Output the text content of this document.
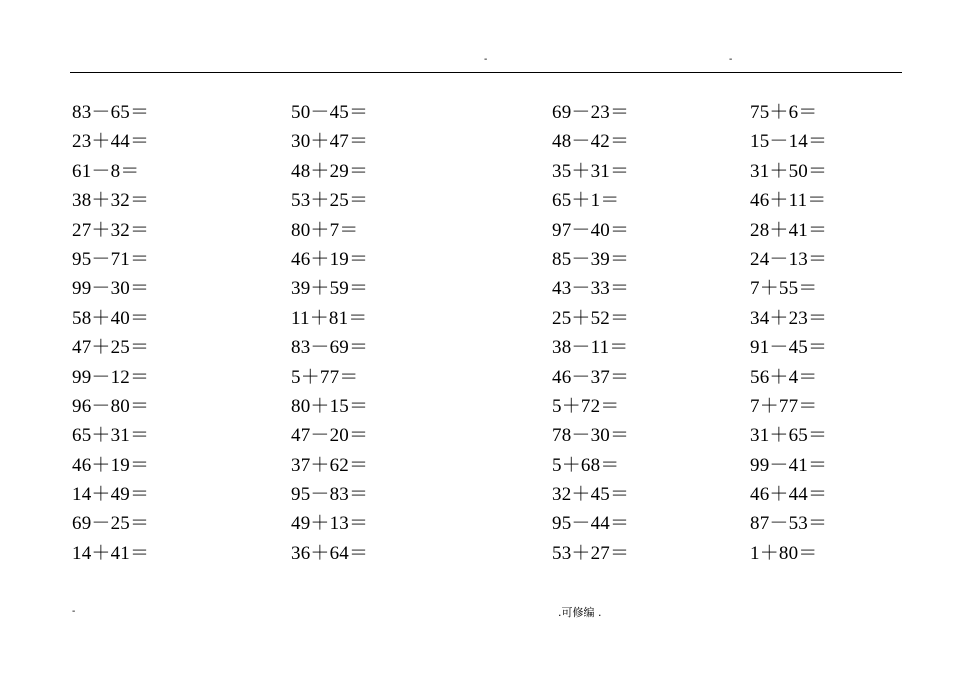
-	-
83－65＝
23＋44＝
61－8＝
38＋32＝
27＋32＝
95－71＝
99－30＝
58＋40＝
47＋25＝
99－12＝
96－80＝
65＋31＝
46＋19＝
14＋49＝
69－25＝
14＋41＝
50－45＝
30＋47＝
48＋29＝
53＋25＝
80＋7＝
46＋19＝
39＋59＝
11＋81＝
83－69＝
5＋77＝
80＋15＝
47－20＝
37＋62＝
95－83＝
49＋13＝
36＋64＝
69－23＝
48－42＝
35＋31＝
65＋1＝
97－40＝
85－39＝
43－33＝
25＋52＝
38－11＝
46－37＝
5＋72＝
78－30＝
5＋68＝
32＋45＝
95－44＝
53＋27＝
75＋6＝
15－14＝
31＋50＝
46＋11＝
28＋41＝
24－13＝
7＋55＝
34＋23＝
91－45＝
56＋4＝
7＋77＝
31＋65＝
99－41＝
46＋44＝
87－53＝
1＋80＝
-	.可修编 .
